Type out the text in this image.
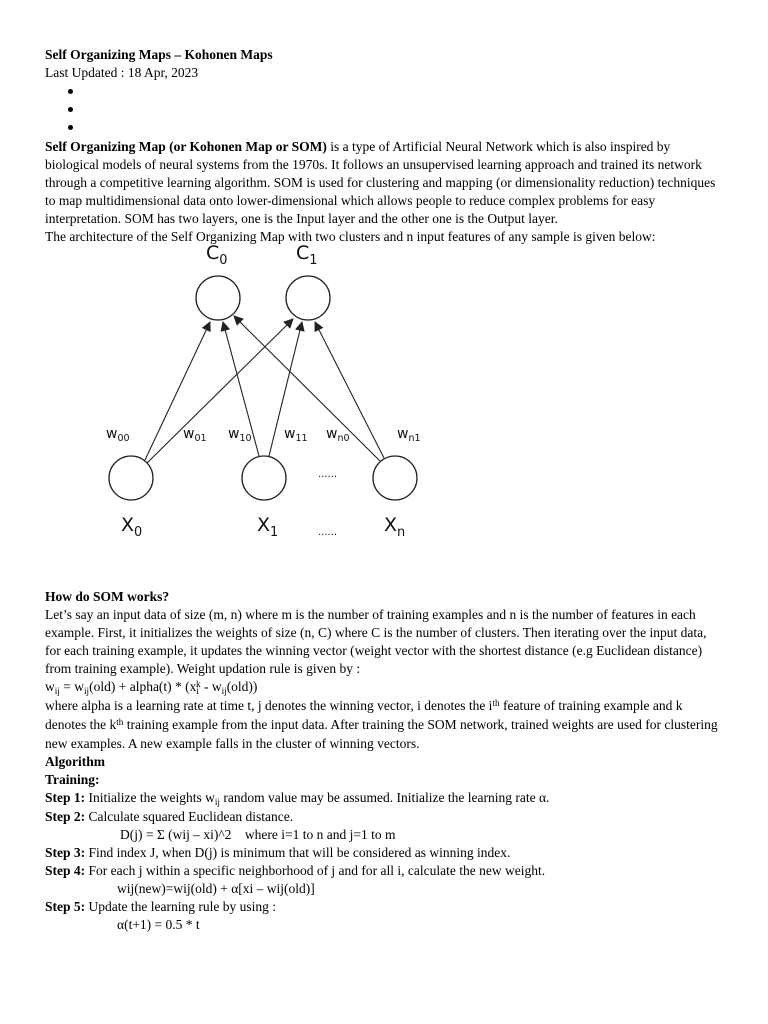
Self Organizing Maps – Kohonen Maps

Last Updated : 18 Apr, 2023

Self Organizing Map (or Kohonen Map or SOM) is a type of Artificial Neural Network which is also inspired by biological models of neural systems from the 1970s. It follows an unsupervised learning approach and trained its network through a competitive learning algorithm. SOM is used for clustering and mapping (or dimensionality reduction) techniques to map multidimensional data onto lower-dimensional which allows people to reduce complex problems for easy interpretation. SOM has two layers, one is the Input layer and the other one is the Output layer.

The architecture of the Self Organizing Map with two clusters and n input features of any sample is given below:

$C_0$	$C_1$
$w_{00}$	$w_{01}$ $w_{10}$ $w_{11}$ $w_{n0}$	$w_{n1}$
......
......
$X_0$	$X_1$	$X_n$

How do SOM works?

Let’s say an input data of size (m, n) where m is the number of training examples and n is the number of features in each example. First, it initializes the weights of size (n, C) where C is the number of clusters. Then iterating over the input data, for each training example, it updates the winning vector (weight vector with the shortest distance (e.g Euclidean distance) from training example). Weight updation rule is given by :

$w_{ij} = w_{ij}(old)$ + alpha(t) * $(x_i^k - w_{ij}(old))$

where alpha is a learning rate at time t, j denotes the winning vector, i denotes the $i^{th}$ feature of training example and k denotes the $k^{th}$ training example from the input data. After training the SOM network, trained weights are used for clustering new examples. A new example falls in the cluster of winning vectors.

Algorithm

Training:

Step 1: Initialize the weights $w_{ij}$ random value may be assumed. Initialize the learning rate α.

Step 2: Calculate squared Euclidean distance.

D(j) = Σ (wij – xi)^2    where i=1 to n and j=1 to m

Step 3: Find index J, when D(j) is minimum that will be considered as winning index.

Step 4: For each j within a specific neighborhood of j and for all i, calculate the new weight.

wij(new)=wij(old) + α[xi – wij(old)]

Step 5: Update the learning rule by using :

α(t+1) = 0.5 * t
